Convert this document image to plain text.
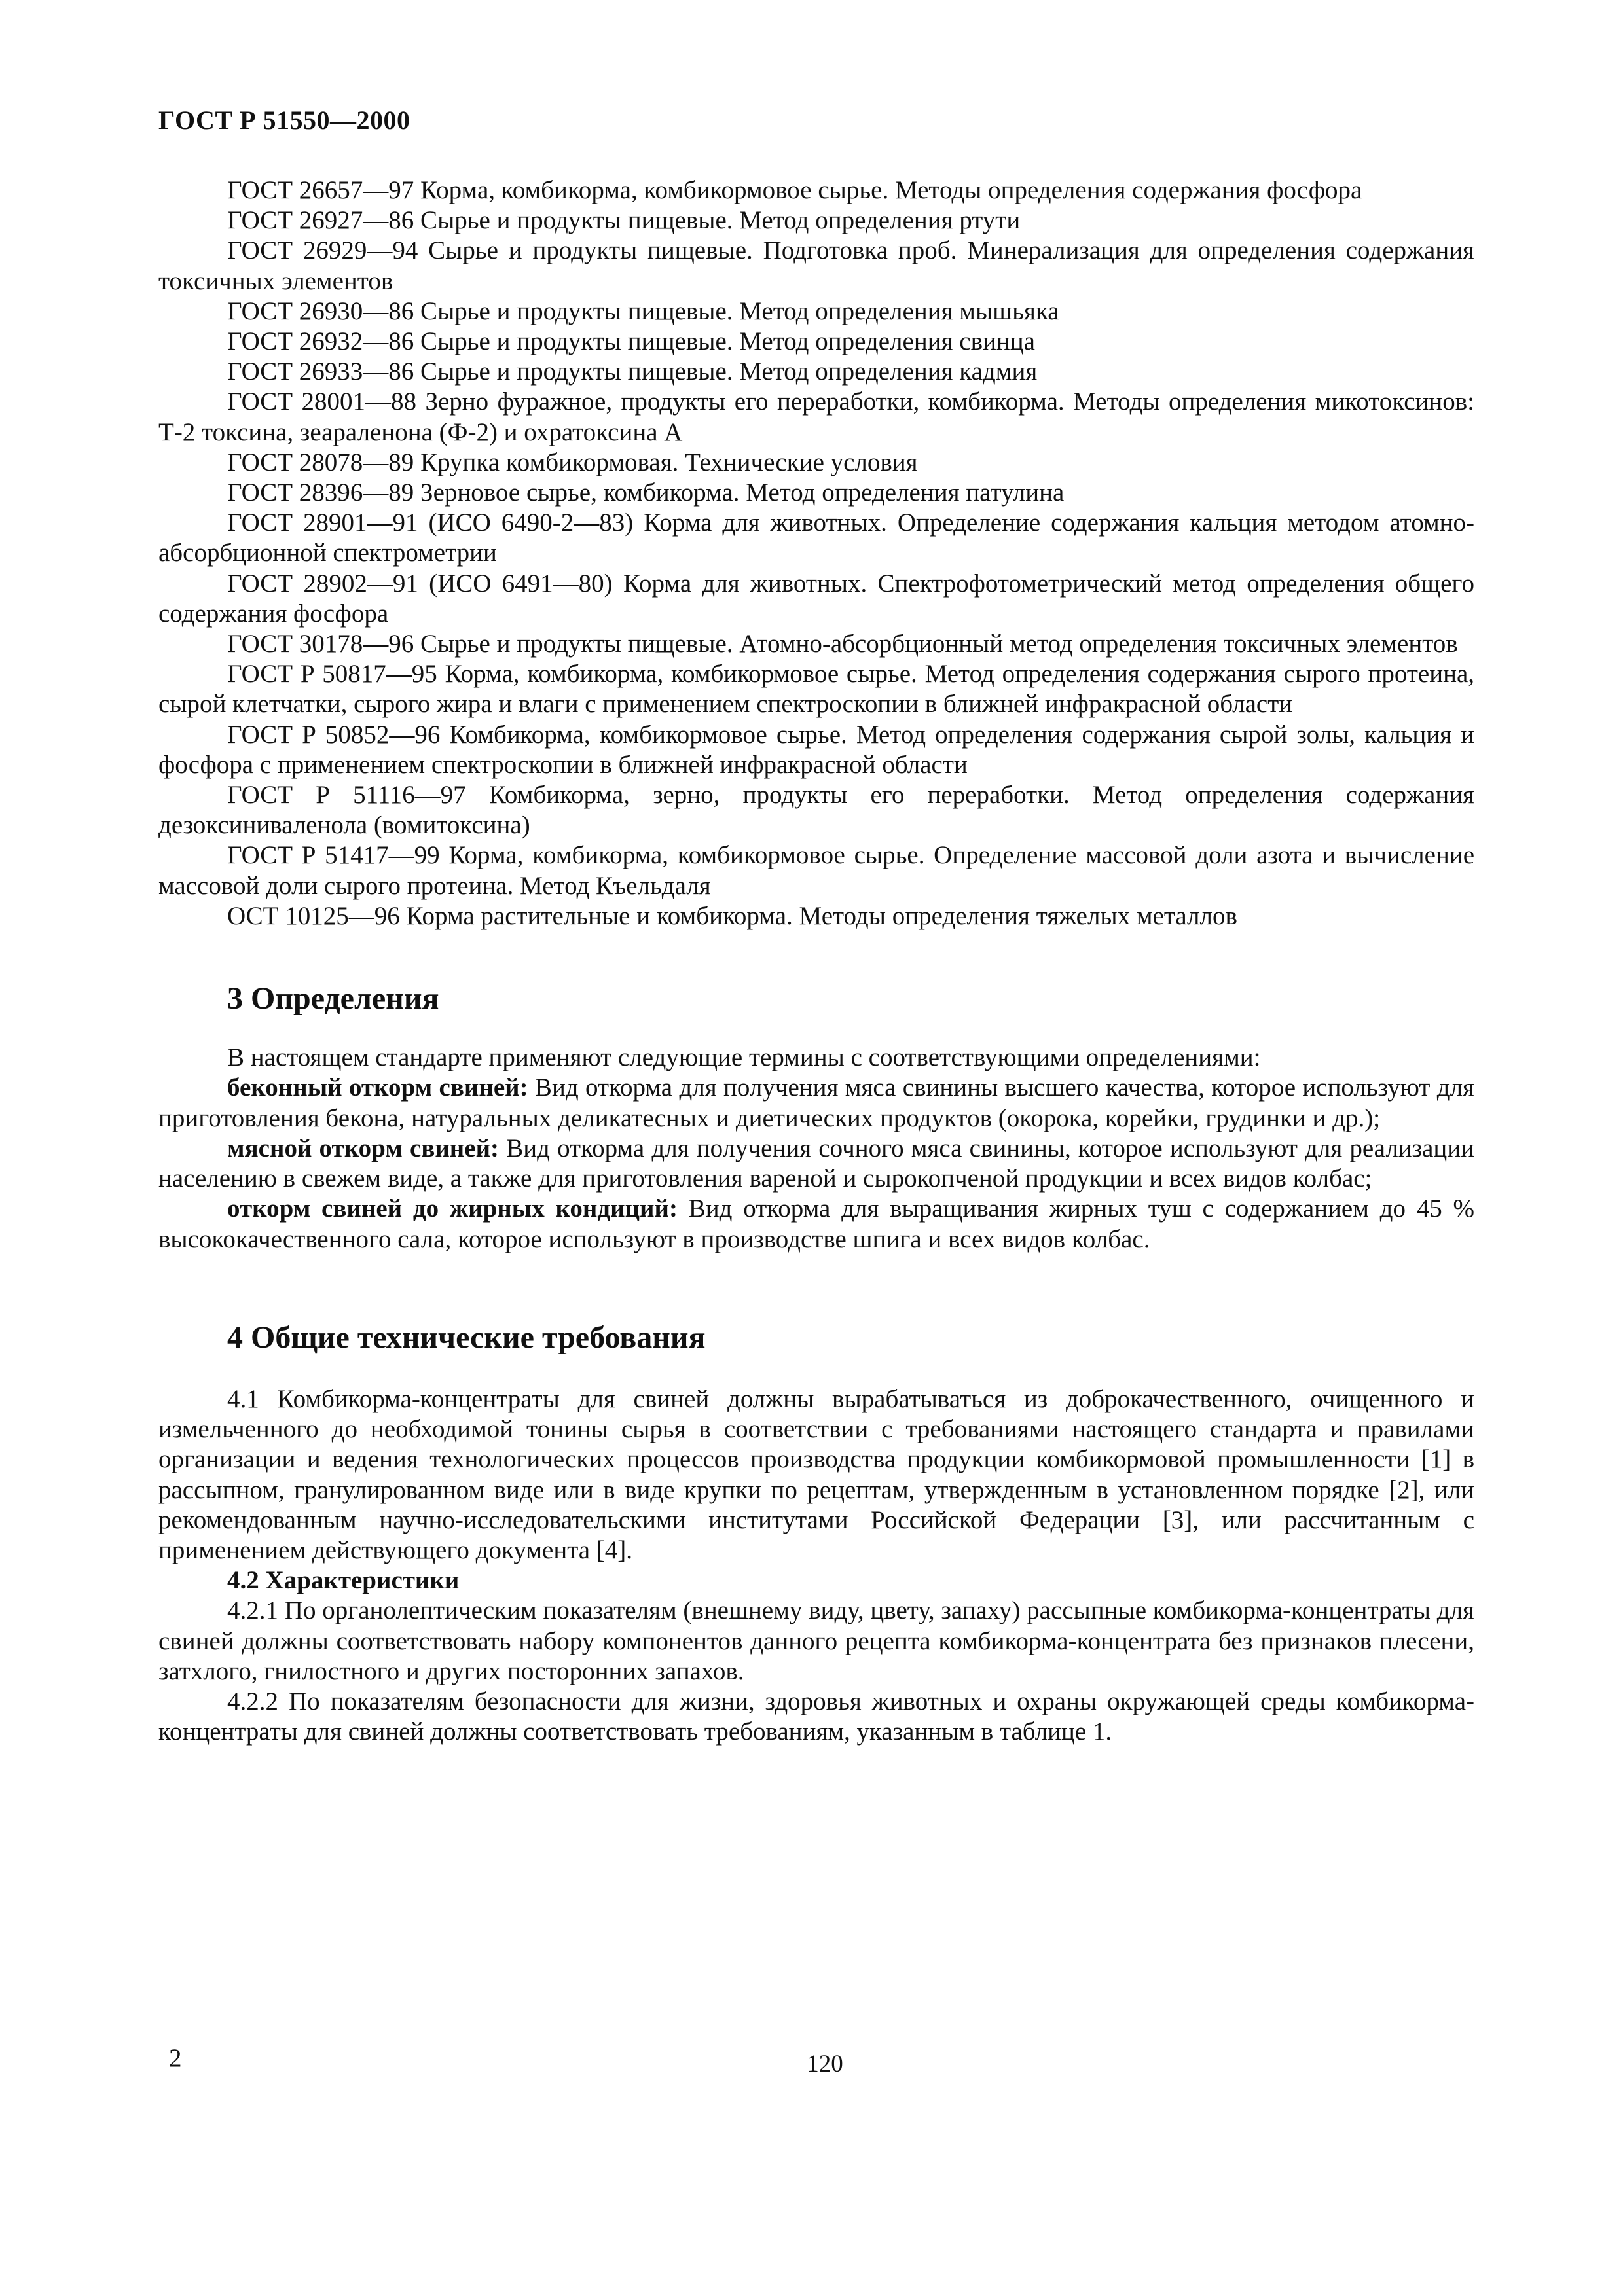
ГОСТ Р 51550—2000

ГОСТ 26657—97 Корма, комбикорма, комбикормовое сырье. Методы определения содержания фосфора

ГОСТ 26927—86 Сырье и продукты пищевые. Метод определения ртути

ГОСТ 26929—94 Сырье и продукты пищевые. Подготовка проб. Минерализация для определения содержания токсичных элементов

ГОСТ 26930—86 Сырье и продукты пищевые. Метод определения мышьяка

ГОСТ 26932—86 Сырье и продукты пищевые. Метод определения свинца

ГОСТ 26933—86 Сырье и продукты пищевые. Метод определения кадмия

ГОСТ 28001—88 Зерно фуражное, продукты его переработки, комбикорма. Методы определения микотоксинов: Т-2 токсина, зеараленона (Ф-2) и охратоксина А

ГОСТ 28078—89 Крупка комбикормовая. Технические условия

ГОСТ 28396—89 Зерновое сырье, комбикорма. Метод определения патулина

ГОСТ 28901—91 (ИСО 6490-2—83) Корма для животных. Определение содержания кальция методом атомно-абсорбционной спектрометрии

ГОСТ 28902—91 (ИСО 6491—80) Корма для животных. Спектрофотометрический метод определения общего содержания фосфора

ГОСТ 30178—96 Сырье и продукты пищевые. Атомно-абсорбционный метод определения токсичных элементов

ГОСТ Р 50817—95 Корма, комбикорма, комбикормовое сырье. Метод определения содержания сырого протеина, сырой клетчатки, сырого жира и влаги с применением спектроскопии в ближней инфракрасной области

ГОСТ Р 50852—96 Комбикорма, комбикормовое сырье. Метод определения содержания сырой золы, кальция и фосфора с применением спектроскопии в ближней инфракрасной области

ГОСТ Р 51116—97 Комбикорма, зерно, продукты его переработки. Метод определения содержания дезоксиниваленола (вомитоксина)

ГОСТ Р 51417—99 Корма, комбикорма, комбикормовое сырье. Определение массовой доли азота и вычисление массовой доли сырого протеина. Метод Къельдаля

ОСТ 10125—96 Корма растительные и комбикорма. Методы определения тяжелых металлов

3 Определения

В настоящем стандарте применяют следующие термины с соответствующими определениями:

беконный откорм свиней: Вид откорма для получения мяса свинины высшего качества, которое используют для приготовления бекона, натуральных деликатесных и диетических продуктов (окорока, корейки, грудинки и др.);

мясной откорм свиней: Вид откорма для получения сочного мяса свинины, которое используют для реализации населению в свежем виде, а также для приготовления вареной и сырокопченой продукции и всех видов колбас;

откорм свиней до жирных кондиций: Вид откорма для выращивания жирных туш с содержанием до 45 % высококачественного сала, которое используют в производстве шпига и всех видов колбас.

4 Общие технические требования

4.1 Комбикорма-концентраты для свиней должны вырабатываться из доброкачественного, очищенного и измельченного до необходимой тонины сырья в соответствии с требованиями настоящего стандарта и правилами организации и ведения технологических процессов производства продукции комбикормовой промышленности [1] в рассыпном, гранулированном виде или в виде крупки по рецептам, утвержденным в установленном порядке [2], или рекомендованным научно-исследовательскими институтами Российской Федерации [3], или рассчитанным с применением действующего документа [4].

4.2 Характеристики

4.2.1 По органолептическим показателям (внешнему виду, цвету, запаху) рассыпные комбикорма-концентраты для свиней должны соответствовать набору компонентов данного рецепта комбикорма-концентрата без признаков плесени, затхлого, гнилостного и других посторонних запахов.

4.2.2 По показателям безопасности для жизни, здоровья животных и охраны окружающей среды комбикорма-концентраты для свиней должны соответствовать требованиям, указанным в таблице 1.

2	120
